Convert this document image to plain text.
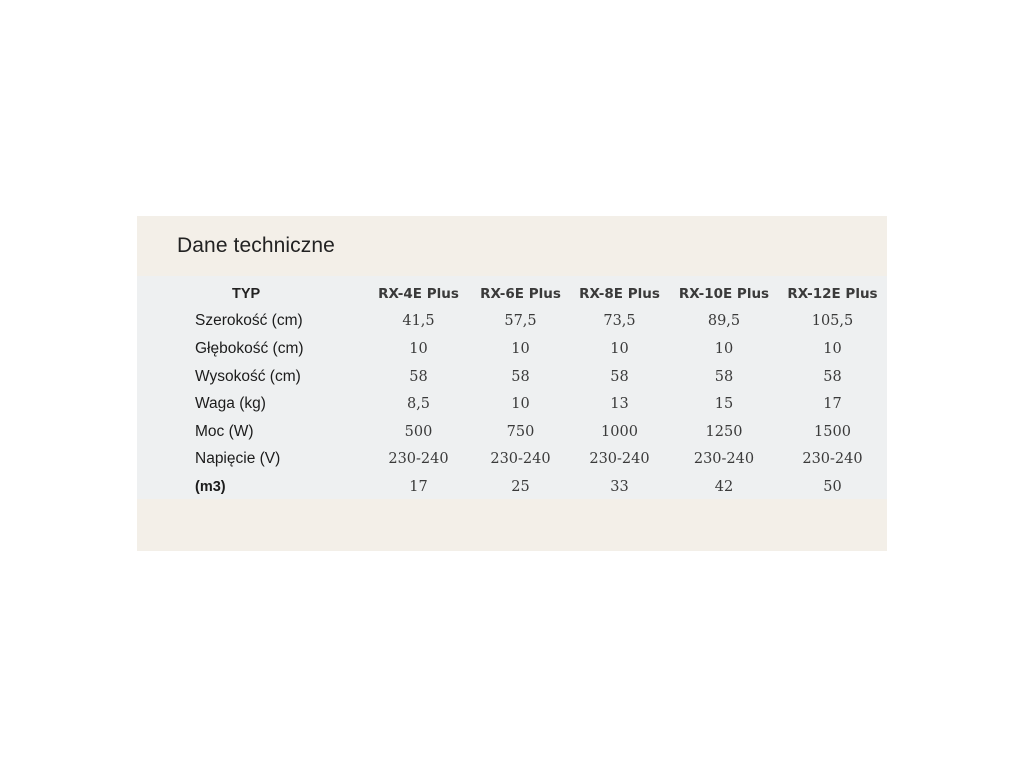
Dane techniczne
TYP	RX-4E Plus	RX-6E Plus	RX-8E Plus	RX-10E Plus	RX-12E Plus
Szerokość (cm)	41,5	57,5	73,5	89,5	105,5
Głębokość (cm)	10	10	10	10	10
Wysokość (cm)	58	58	58	58	58
Waga (kg)	8,5	10	13	15	17
Moc (W)	500	750	1000	1250	1500
Napięcie (V)	230-240	230-240	230-240	230-240	230-240
(m3)	17	25	33	42	50
